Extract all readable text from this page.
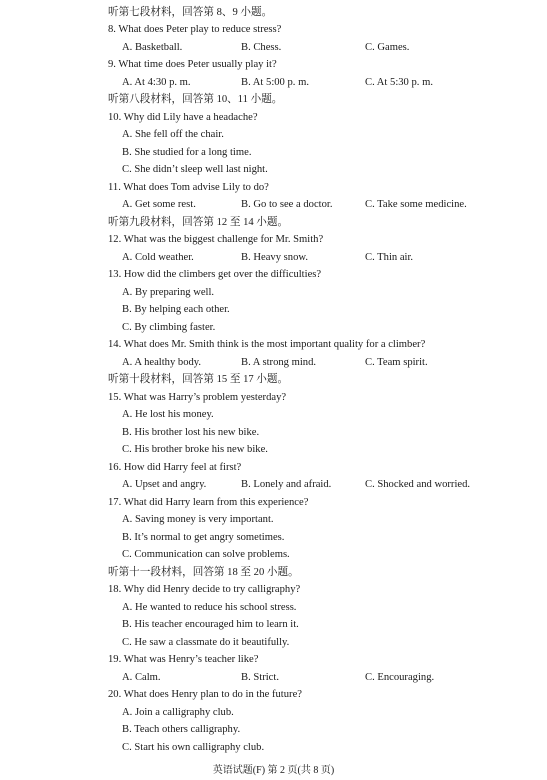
听第七段材料，回答第 8、9 小题。
8. What does Peter play to reduce stress?
A. Basketball.	B. Chess.	C. Games.
9. What time does Peter usually play it?
A. At 4:30 p. m.	B. At 5:00 p. m.	C. At 5:30 p. m.
听第八段材料，回答第 10、11 小题。
10. Why did Lily have a headache?
A. She fell off the chair.
B. She studied for a long time.
C. She didn’t sleep well last night.
11. What does Tom advise Lily to do?
A. Get some rest.	B. Go to see a doctor.	C. Take some medicine.
听第九段材料，回答第 12 至 14 小题。
12. What was the biggest challenge for Mr. Smith?
A. Cold weather.	B. Heavy snow.	C. Thin air.
13. How did the climbers get over the difficulties?
A. By preparing well.
B. By helping each other.
C. By climbing faster.
14. What does Mr. Smith think is the most important quality for a climber?
A. A healthy body.	B. A strong mind.	C. Team spirit.
听第十段材料，回答第 15 至 17 小题。
15. What was Harry’s problem yesterday?
A. He lost his money.
B. His brother lost his new bike.
C. His brother broke his new bike.
16. How did Harry feel at first?
A. Upset and angry.	B. Lonely and afraid.	C. Shocked and worried.
17. What did Harry learn from this experience?
A. Saving money is very important.
B. It’s normal to get angry sometimes.
C. Communication can solve problems.
听第十一段材料，回答第 18 至 20 小题。
18. Why did Henry decide to try calligraphy?
A. He wanted to reduce his school stress.
B. His teacher encouraged him to learn it.
C. He saw a classmate do it beautifully.
19. What was Henry’s teacher like?
A. Calm.	B. Strict.	C. Encouraging.
20. What does Henry plan to do in the future?
A. Join a calligraphy club.
B. Teach others calligraphy.
C. Start his own calligraphy club.
英语试题(F) 第 2 页(共 8 页)
